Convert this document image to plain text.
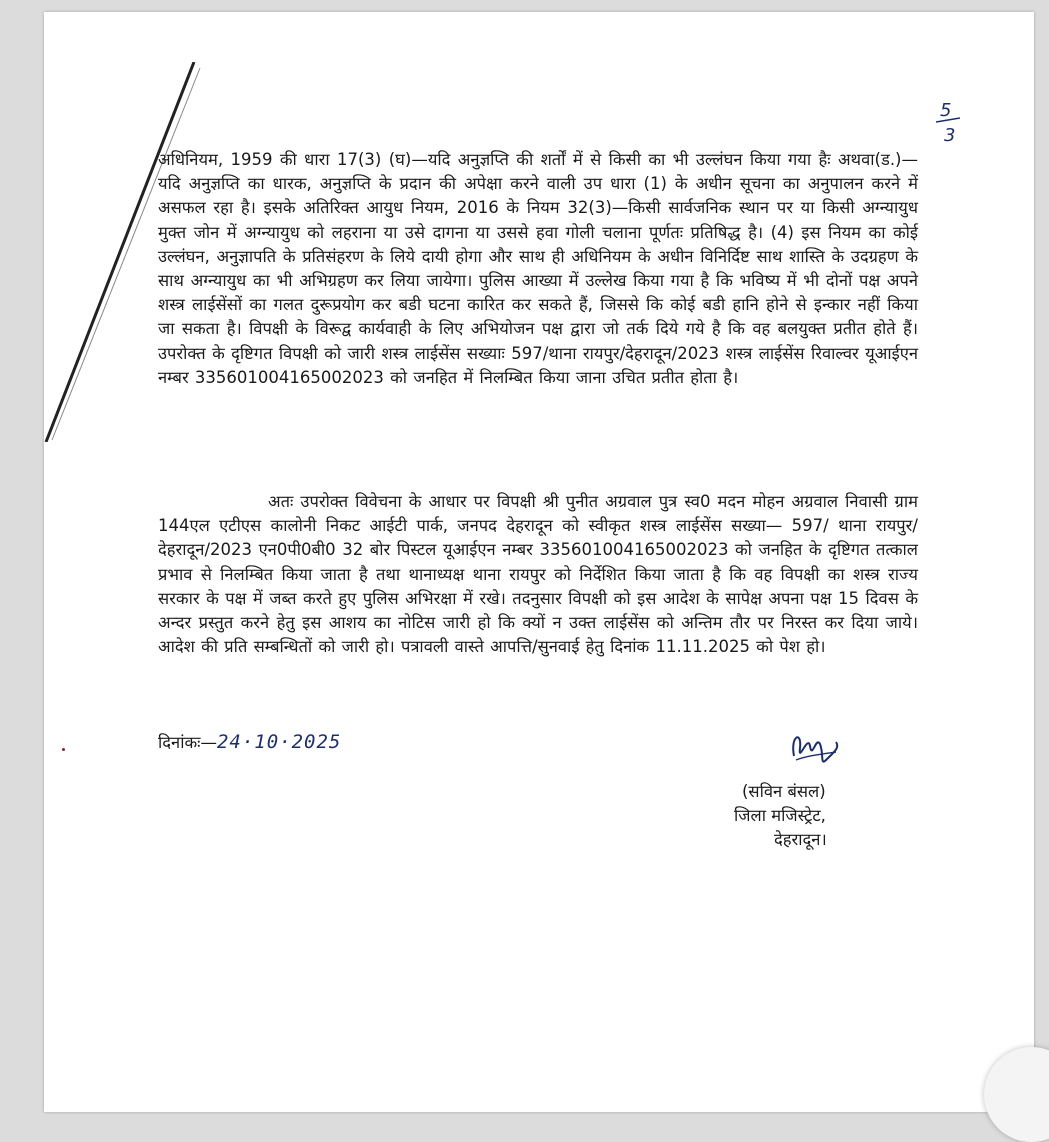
5
3

अधिनियम, 1959 की धारा 17(3) (घ)—यदि अनुज्ञप्ति की शर्तों में से किसी का भी उल्लंघन किया गया हैः अथवा(ड.)—यदि अनुज्ञप्ति का धारक, अनुज्ञप्ति के प्रदान की अपेक्षा करने वाली उप धारा (1) के अधीन सूचना का अनुपालन करने में असफल रहा है। इसके अतिरिक्त आयुध नियम, 2016 के नियम 32(3)—किसी सार्वजनिक स्थान पर या किसी अग्न्यायुध मुक्त जोन में अग्न्यायुध को लहराना या उसे दागना या उससे हवा गोली चलाना पूर्णतः प्रतिषिद्ध है। (4) इस नियम का कोई उल्लंघन, अनुज्ञापति के प्रतिसंहरण के लिये दायी होगा और साथ ही अधिनियम के अधीन विनिर्दिष्ट साथ शास्ति के उदग्रहण के साथ अग्न्यायुध का भी अभिग्रहण कर लिया जायेगा। पुलिस आख्या में उल्लेख किया गया है कि भविष्य में भी दोनों पक्ष अपने शस्त्र लाईसेंसों का गलत दुरूप्रयोग कर बडी घटना कारित कर सकते हैं, जिससे कि कोई बडी हानि होने से इन्कार नहीं किया जा सकता है। विपक्षी के विरूद्व कार्यवाही के लिए अभियोजन पक्ष द्वारा जो तर्क दिये गये है कि वह बलयुक्त प्रतीत होते हैं। उपरोक्त के दृष्टिगत विपक्षी को जारी शस्त्र लाईसेंस सख्याः 597/थाना रायपुर/देहरादून/2023 शस्त्र लाईसेंस रिवाल्वर यूआईएन नम्बर 335601004165002023 को जनहित में निलम्बित किया जाना उचित प्रतीत होता है।

अतः उपरोक्त विवेचना के आधार पर विपक्षी श्री पुनीत अग्रवाल पुत्र स्व0 मदन मोहन अग्रवाल निवासी ग्राम 144एल एटीएस कालोनी निकट आईटी पार्क, जनपद देहरादून को स्वीकृत शस्त्र लाईसेंस सख्या— 597/ थाना रायपुर/देहरादून/2023 एन0पी0बी0 32 बोर पिस्टल यूआईएन नम्बर 335601004165002023 को जनहित के दृष्टिगत तत्काल प्रभाव से निलम्बित किया जाता है तथा थानाध्यक्ष थाना रायपुर को निर्देशित किया जाता है कि वह विपक्षी का शस्त्र राज्य सरकार के पक्ष में जब्त करते हुए पुलिस अभिरक्षा में रखे। तदनुसार विपक्षी को इस आदेश के सापेक्ष अपना पक्ष 15 दिवस के अन्दर प्रस्तुत करने हेतु इस आशय का नोटिस जारी हो कि क्यों न उक्त लाईसेंस को अन्तिम तौर पर निरस्त कर दिया जाये। आदेश की प्रति सम्बन्धितों को जारी हो। पत्रावली वास्ते आपत्ति/सुनवाई हेतु दिनांक 11.11.2025 को पेश हो।

दिनांकः—24·10·2025
(सविन बंसल)
जिला मजिस्ट्रेट,
देहरादून।
